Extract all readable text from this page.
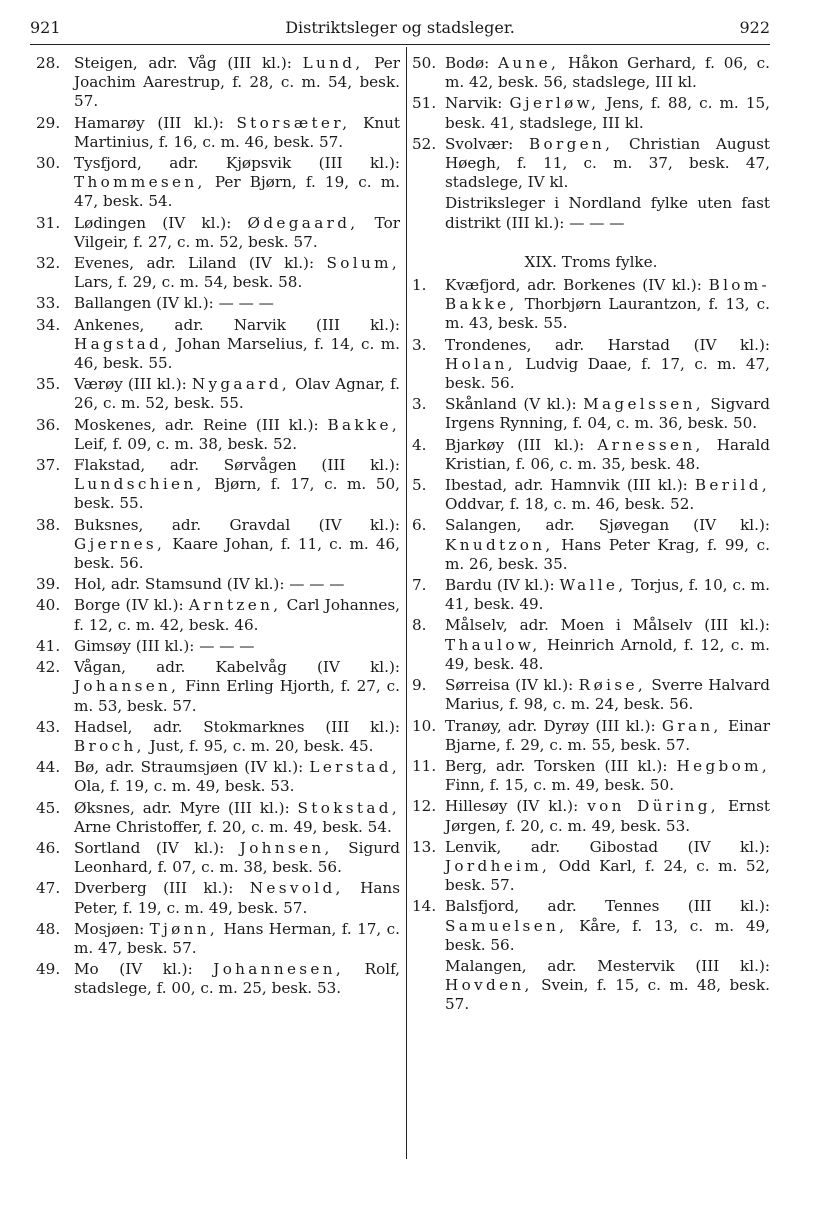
921	Distriktsleger og stadsleger.	922
28. Steigen, adr. Våg (III kl.): Lund, Per Joachim Aarestrup, f. 28, c. m. 54, besk. 57.
29. Hamarøy (III kl.): Storsæter, Knut Martinius, f. 16, c. m. 46, besk. 57.
30. Tysfjord, adr. Kjøpsvik (III kl.): Thommesen, Per Bjørn, f. 19, c. m. 47, besk. 54.
31. Lødingen (IV kl.): Ødegaard, Tor Vilgeir, f. 27, c. m. 52, besk. 57.
32. Evenes, adr. Liland (IV kl.): Solum, Lars, f. 29, c. m. 54, besk. 58.
33. Ballangen (IV kl.): — — —
34. Ankenes, adr. Narvik (III kl.): Hagstad, Johan Marselius, f. 14, c. m. 46, besk. 55.
35. Værøy (III kl.): Nygaard, Olav Agnar, f. 26, c. m. 52, besk. 55.
36. Moskenes, adr. Reine (III kl.): Bakke, Leif, f. 09, c. m. 38, besk. 52.
37. Flakstad, adr. Sørvågen (III kl.): Lundschien, Bjørn, f. 17, c. m. 50, besk. 55.
38. Buksnes, adr. Gravdal (IV kl.): Gjernes, Kaare Johan, f. 11, c. m. 46, besk. 56.
39. Hol, adr. Stamsund (IV kl.): — — —
40. Borge (IV kl.): Arntzen, Carl Johannes, f. 12, c. m. 42, besk. 46.
41. Gimsøy (III kl.): — — —
42. Vågan, adr. Kabelvåg (IV kl.): Johansen, Finn Erling Hjorth, f. 27, c. m. 53, besk. 57.
43. Hadsel, adr. Stokmarknes (III kl.): Broch, Just, f. 95, c. m. 20, besk. 45.
44. Bø, adr. Straumsjøen (IV kl.): Lerstad, Ola, f. 19, c. m. 49, besk. 53.
45. Øksnes, adr. Myre (III kl.): Stokstad, Arne Christoffer, f. 20, c. m. 49, besk. 54.
46. Sortland (IV kl.): Johnsen, Sigurd Leonhard, f. 07, c. m. 38, besk. 56.
47. Dverberg (III kl.): Nesvold, Hans Peter, f. 19, c. m. 49, besk. 57.
48. Mosjøen: Tjønn, Hans Herman, f. 17, c. m. 47, besk. 57.
49. Mo (IV kl.): Johannesen, Rolf, stadslege, f. 00, c. m. 25, besk. 53.
50. Bodø: Aune, Håkon Gerhard, f. 06, c. m. 42, besk. 56, stadslege, III kl.
51. Narvik: Gjerløw, Jens, f. 88, c. m. 15, besk. 41, stadslege, III kl.
52. Svolvær: Borgen, Christian August Høegh, f. 11, c. m. 37, besk. 47, stadslege, IV kl.
Distriksleger i Nordland fylke uten fast distrikt (III kl.): — — —
XIX. Troms fylke.
1. Kvæfjord, adr. Borkenes (IV kl.): Blom-Bakke, Thorbjørn Laurantzon, f. 13, c. m. 43, besk. 55.
3. Trondenes, adr. Harstad (IV kl.): Holan, Ludvig Daae, f. 17, c. m. 47, besk. 56.
3. Skånland (V kl.): Magelssen, Sigvard Irgens Rynning, f. 04, c. m. 36, besk. 50.
4. Bjarkøy (III kl.): Arnessen, Harald Kristian, f. 06, c. m. 35, besk. 48.
5. Ibestad, adr. Hamnvik (III kl.): Berild, Oddvar, f. 18, c. m. 46, besk. 52.
6. Salangen, adr. Sjøvegan (IV kl.): Knudtzon, Hans Peter Krag, f. 99, c. m. 26, besk. 35.
7. Bardu (IV kl.): Walle, Torjus, f. 10, c. m. 41, besk. 49.
8. Målselv, adr. Moen i Målselv (III kl.): Thaulow, Heinrich Arnold, f. 12, c. m. 49, besk. 48.
9. Sørreisa (IV kl.): Røise, Sverre Halvard Marius, f. 98, c. m. 24, besk. 56.
10. Tranøy, adr. Dyrøy (III kl.): Gran, Einar Bjarne, f. 29, c. m. 55, besk. 57.
11. Berg, adr. Torsken (III kl.): Hegbom, Finn, f. 15, c. m. 49, besk. 50.
12. Hillesøy (IV kl.): von Düring, Ernst Jørgen, f. 20, c. m. 49, besk. 53.
13. Lenvik, adr. Gibostad (IV kl.): Jordheim, Odd Karl, f. 24, c. m. 52, besk. 57.
14. Balsfjord, adr. Tennes (III kl.): Samuelsen, Kåre, f. 13, c. m. 49, besk. 56.
Malangen, adr. Mestervik (III kl.): Hovden, Svein, f. 15, c. m. 48, besk. 57.
